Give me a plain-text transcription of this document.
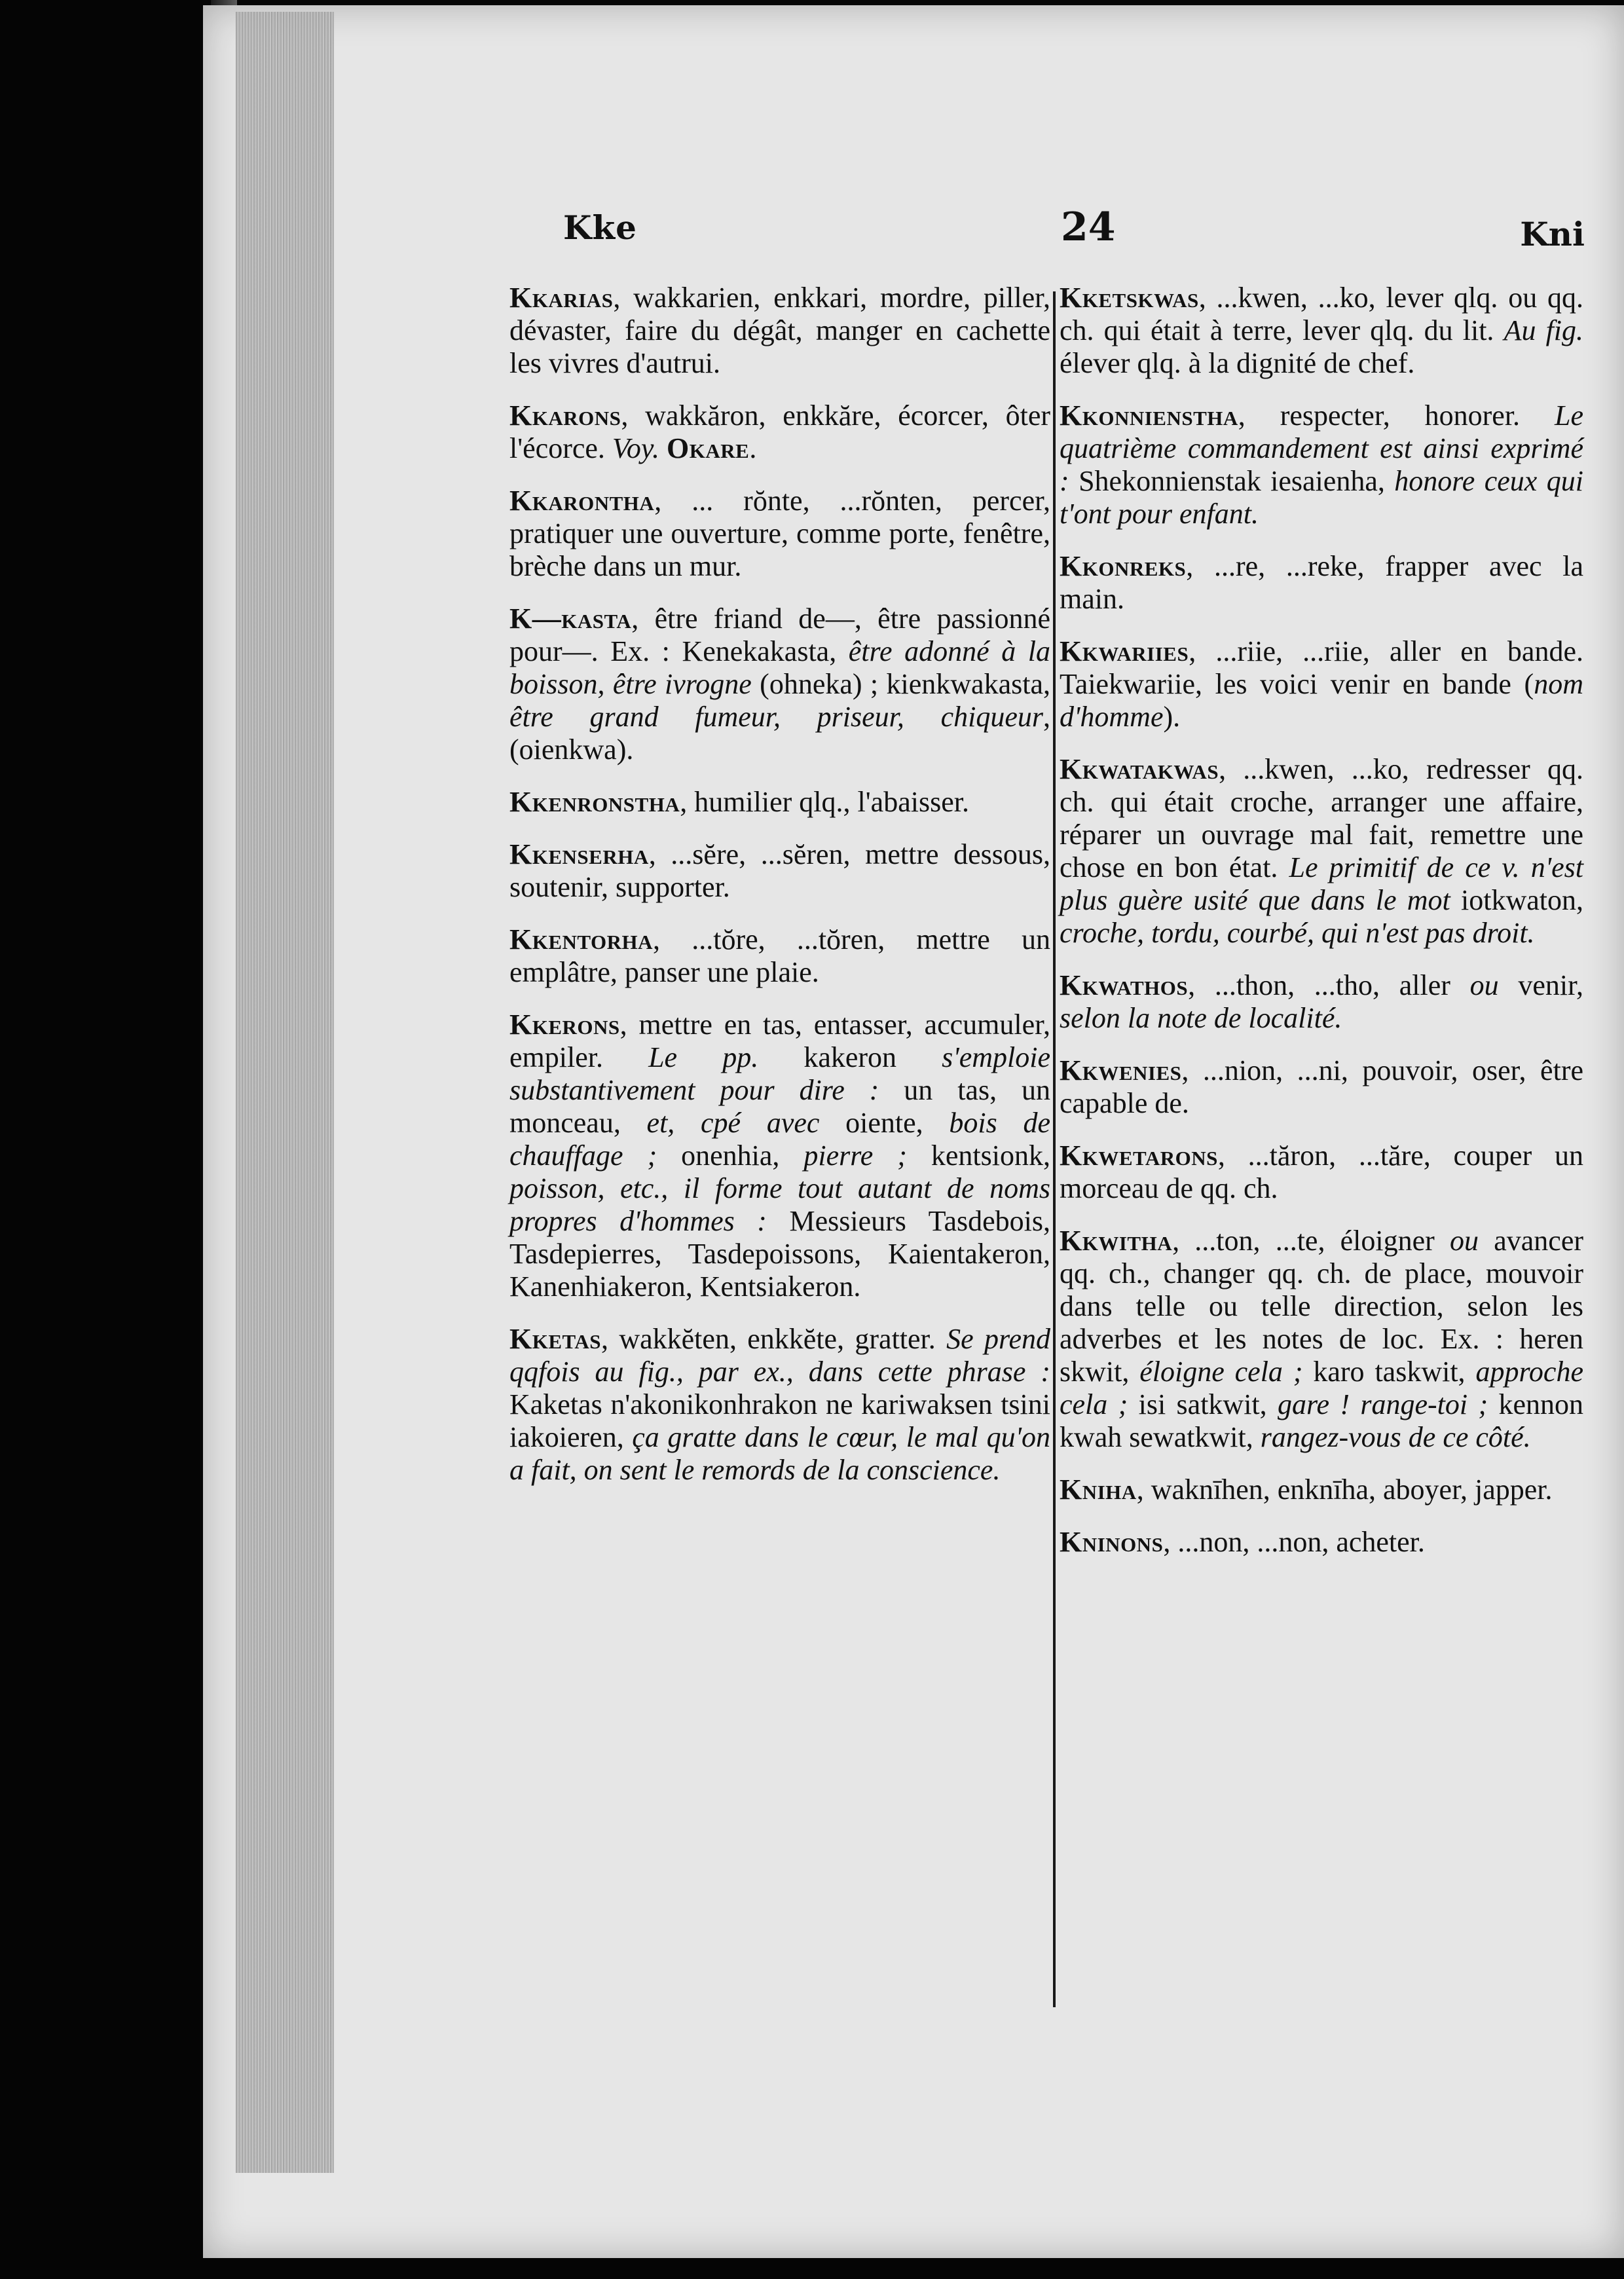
Kke	24	Kni

Kkarias, wakkarien, enkkari, mordre, piller, dévaster, faire du dégât, manger en cachette les vivres d'autrui.

Kkarons, wakkăron, enkkăre, écorcer, ôter l'écorce. Voy. Okare.

Kkarontha, ... rŏnte, ...rŏnten, percer, pratiquer une ouverture, comme porte, fenêtre, brèche dans un mur.

K—kasta, être friand de—, être passionné pour—. Ex. : Kenekakasta, être adonné à la boisson, être ivrogne (ohneka) ; kienkwakasta, être grand fumeur, priseur, chiqueur, (oienkwa).

Kkenronstha, humilier qlq., l'abaisser.

Kkenserha, ...sĕre, ...sĕren, mettre dessous, soutenir, supporter.

Kkentorha, ...tŏre, ...tŏren, mettre un emplâtre, panser une plaie.

Kkerons, mettre en tas, entasser, accumuler, empiler. Le pp. kakeron s'emploie substantivement pour dire : un tas, un monceau, et, cpé avec oiente, bois de chauffage ; onenhia, pierre ; kentsionk, poisson, etc., il forme tout autant de noms propres d'hommes : Messieurs Tasdebois, Tasdepierres, Tasdepoissons, Kaientakeron, Kanenhiakeron, Kentsiakeron.

Kketas, wakkĕten, enkkĕte, gratter. Se prend qqfois au fig., par ex., dans cette phrase : Kaketas n'akonikonhrakon ne kariwaksen tsini iakoieren, ça gratte dans le cœur, le mal qu'on a fait, on sent le remords de la conscience.

Kketskwas, ...kwen, ...ko, lever qlq. ou qq. ch. qui était à terre, lever qlq. du lit. Au fig. élever qlq. à la dignité de chef.

Kkonnienstha, respecter, honorer. Le quatrième commandement est ainsi exprimé : Shekonnienstak iesaienha, honore ceux qui t'ont pour enfant.

Kkonreks, ...re, ...reke, frapper avec la main.

Kkwariies, ...riie, ...riie, aller en bande. Taiekwariie, les voici venir en bande (nom d'homme).

Kkwatakwas, ...kwen, ...ko, redresser qq. ch. qui était croche, arranger une affaire, réparer un ouvrage mal fait, remettre une chose en bon état. Le primitif de ce v. n'est plus guère usité que dans le mot iotkwaton, croche, tordu, courbé, qui n'est pas droit.

Kkwathos, ...thon, ...tho, aller ou venir, selon la note de localité.

Kkwenies, ...nion, ...ni, pouvoir, oser, être capable de.

Kkwetarons, ...tăron, ...tăre, couper un morceau de qq. ch.

Kkwitha, ...ton, ...te, éloigner ou avancer qq. ch., changer qq. ch. de place, mouvoir dans telle ou telle direction, selon les adverbes et les notes de loc. Ex. : heren skwit, éloigne cela ; karo taskwit, approche cela ; isi satkwit, gare ! range-toi ; kennon kwah sewatkwit, rangez-vous de ce côté.

Kniha, waknīhen, enknīha, aboyer, japper.

Kninons, ...non, ...non, acheter.
